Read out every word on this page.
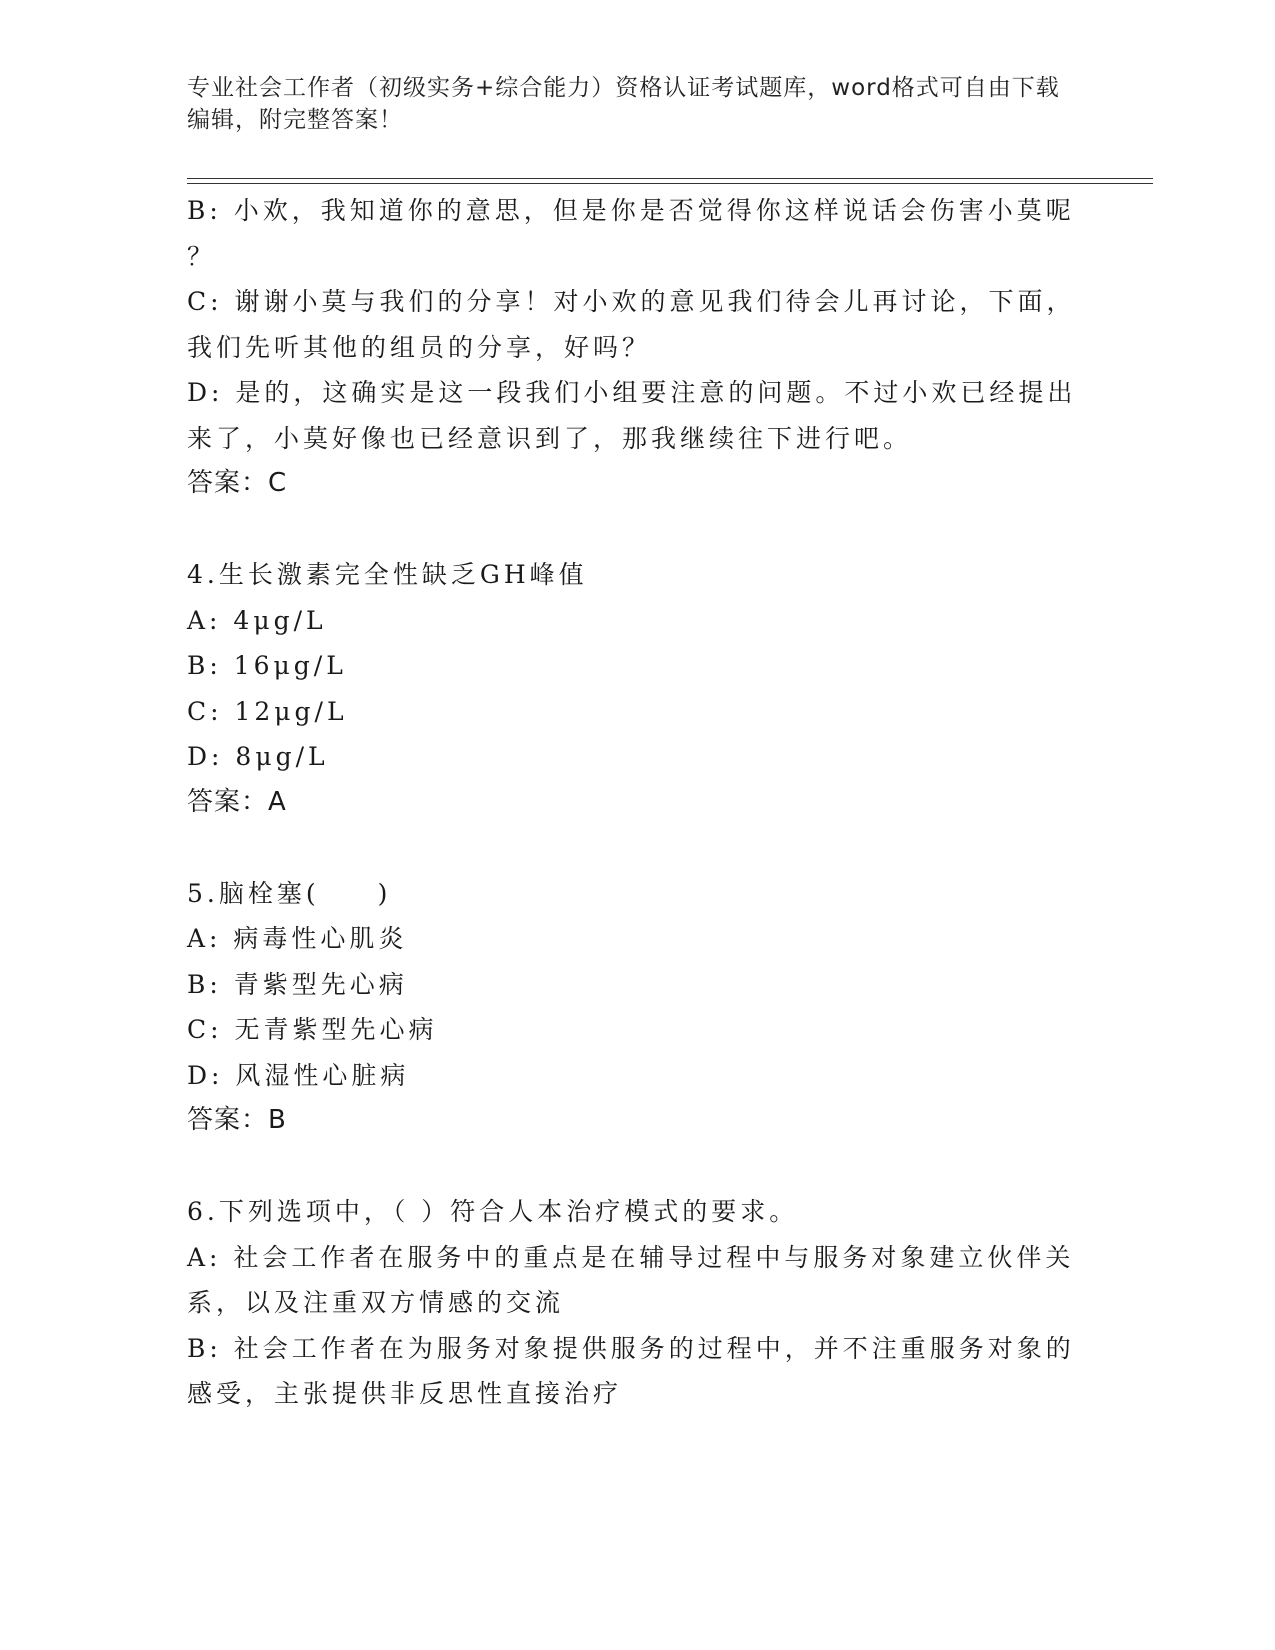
专业社会工作者（初级实务+综合能力）资格认证考试题库，word格式可自由下载
编辑，附完整答案！
B: 小欢，我知道你的意思，但是你是否觉得你这样说话会伤害小莫呢
？
C: 谢谢小莫与我们的分享！对小欢的意见我们待会儿再讨论，下面，
我们先听其他的组员的分享，好吗？
D: 是的，这确实是这一段我们小组要注意的问题。不过小欢已经提出
来了，小莫好像也已经意识到了，那我继续往下进行吧。
答案：C
4.生长激素完全性缺乏GH峰值
A: 4μg/L
B: 16μg/L
C: 12μg/L
D: 8μg/L
答案：A
5.脑栓塞(　　)
A: 病毒性心肌炎
B: 青紫型先心病
C: 无青紫型先心病
D: 风湿性心脏病
答案：B
6.下列选项中，（ ）符合人本治疗模式的要求。
A: 社会工作者在服务中的重点是在辅导过程中与服务对象建立伙伴关
系，以及注重双方情感的交流
B: 社会工作者在为服务对象提供服务的过程中，并不注重服务对象的
感受，主张提供非反思性直接治疗
